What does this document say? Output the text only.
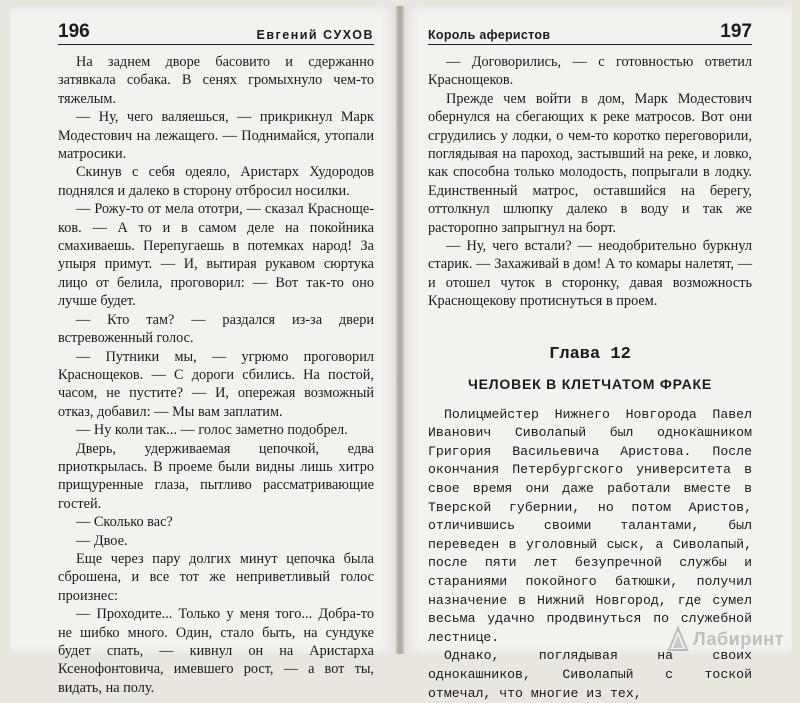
196	Евгений СУХОВ

На заднем дворе басовито и сдержанно затявкала собака. В сенях громыхнуло чем-то тяжелым.

— Ну, чего валяешься, — прикрикнул Марк Модестович на лежащего. — Поднимайся, утопали матросики.

Скинув с себя одеяло, Аристарх Худородов поднялся и далеко в сторону отбросил носилки.

— Рожу-то от мела ототри, — сказал Краснощеков. — А то и в самом деле на покойника смахиваешь. Перепугаешь в потемках народ! За упыря примут. — И, вытирая рукавом сюртука лицо от белила, проговорил: — Вот так-то оно лучше будет.

— Кто там? — раздался из-за двери встревоженный голос.

— Путники мы, — угрюмо проговорил Краснощеков. — С дороги сбились. На постой, часом, не пустите? — И, опережая возможный отказ, добавил: — Мы вам заплатим.

— Ну коли так... — голос заметно подобрел.

Дверь, удерживаемая цепочкой, едва приоткрылась. В проеме были видны лишь хитро прищуренные глаза, пытливо рассматривающие гостей.

— Сколько вас?

— Двое.

Еще через пару долгих минут цепочка была сброшена, и все тот же неприветливый голос произнес:

— Проходите... Только у меня того... Добра-то не шибко много. Один, стало быть, на сундуке будет спать, — кивнул он на Аристарха Ксенофонтовича, имевшего рост, — а вот ты, видать, на полу.

Король аферистов	197

— Договорились, — с готовностью ответил Краснощеков.

Прежде чем войти в дом, Марк Модестович обернулся на сбегающих к реке матросов. Вот они сгрудились у лодки, о чем-то коротко переговорили, поглядывая на пароход, застывший на реке, и ловко, как способна только молодость, попрыгали в лодку. Единственный матрос, оставшийся на берегу, оттолкнул шлюпку далеко в воду и так же расторопно запрыгнул на борт.

— Ну, чего встали? — неодобрительно буркнул старик. — Захаживай в дом! А то комары налетят, — и отошел чуток в сторонку, давая возможность Краснощекову протиснуться в проем.

Глава 12
ЧЕЛОВЕК В КЛЕТЧАТОМ ФРАКЕ

Полицмейстер Нижнего Новгорода Павел Иванович Сиволапый был однокашником Григория Васильевича Аристова. После окончания Петербургского университета в свое время они даже работали вместе в Тверской губернии, но потом Аристов, отличившись своими талантами, был переведен в уголовный сыск, а Сиволапый, после пяти лет безупречной службы и стараниями покойного батюшки, получил назначение в Нижний Новгород, где сумел весьма удачно продвинуться по служебной лестнице.

Однако, поглядывая на своих однокашников, Сиволапый с тоской отмечал, что многие из тех,

Лабиринт
